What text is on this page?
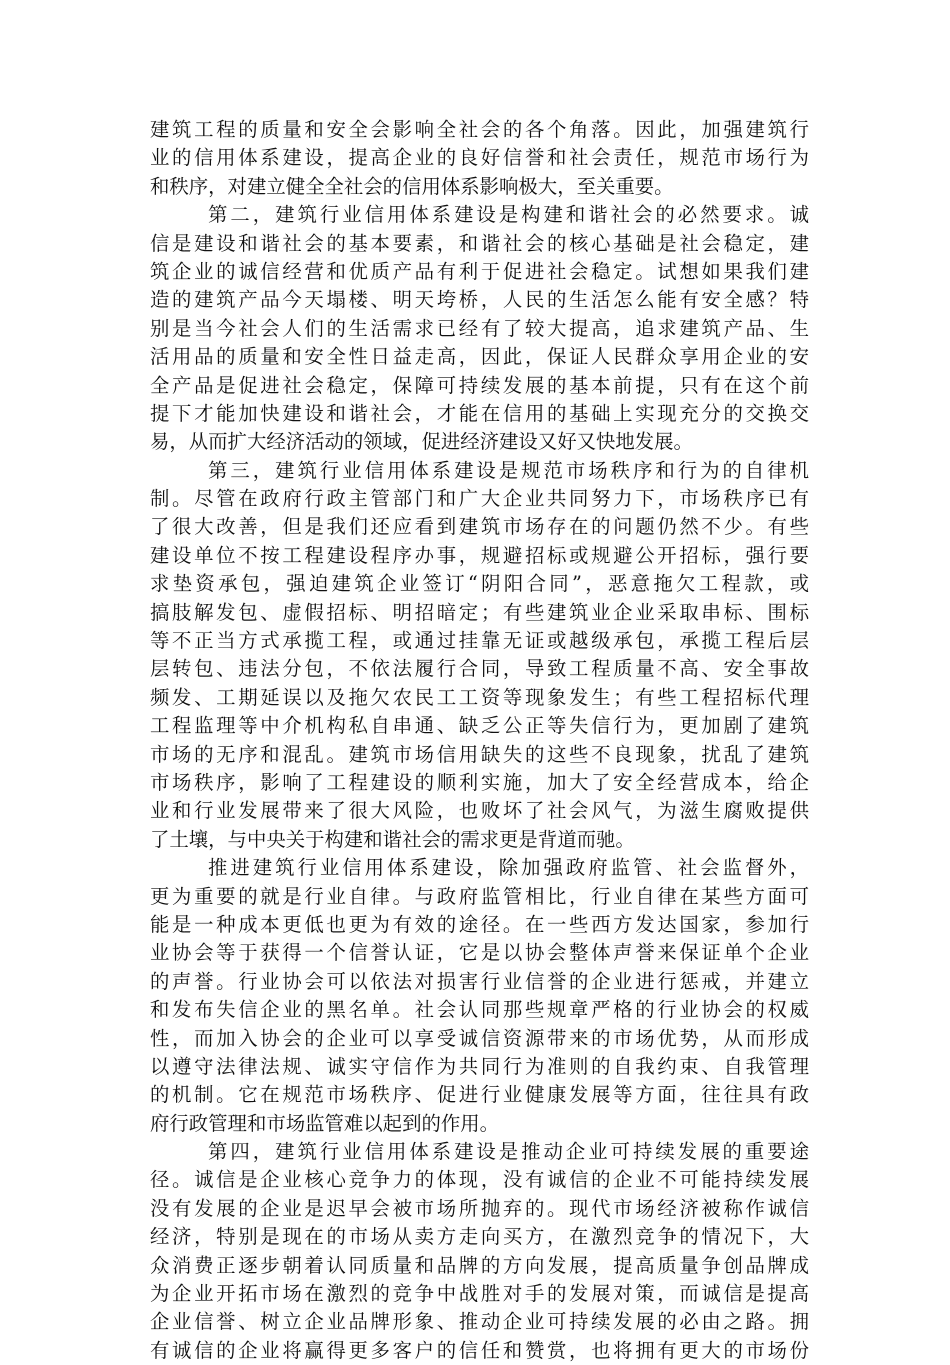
建筑工程的质量和安全会影响全社会的各个角落。因此，加强建筑行
业的信用体系建设，提高企业的良好信誉和社会责任，规范市场行为
和秩序，对建立健全全社会的信用体系影响极大，至关重要。
第二，建筑行业信用体系建设是构建和谐社会的必然要求。诚
信是建设和谐社会的基本要素，和谐社会的核心基础是社会稳定，建
筑企业的诚信经营和优质产品有利于促进社会稳定。试想如果我们建
造的建筑产品今天塌楼、明天垮桥，人民的生活怎么能有安全感？特
别是当今社会人们的生活需求已经有了较大提高，追求建筑产品、生
活用品的质量和安全性日益走高，因此，保证人民群众享用企业的安
全产品是促进社会稳定，保障可持续发展的基本前提，只有在这个前
提下才能加快建设和谐社会，才能在信用的基础上实现充分的交换交
易，从而扩大经济活动的领域，促进经济建设又好又快地发展。
第三，建筑行业信用体系建设是规范市场秩序和行为的自律机
制。尽管在政府行政主管部门和广大企业共同努力下，市场秩序已有
了很大改善，但是我们还应看到建筑市场存在的问题仍然不少。有些
建设单位不按工程建设程序办事，规避招标或规避公开招标，强行要
求垫资承包，强迫建筑企业签订“阴阳合同”，恶意拖欠工程款，或
搞肢解发包、虚假招标、明招暗定；有些建筑业企业采取串标、围标
等不正当方式承揽工程，或通过挂靠无证或越级承包，承揽工程后层
层转包、违法分包，不依法履行合同，导致工程质量不高、安全事故
频发、工期延误以及拖欠农民工工资等现象发生；有些工程招标代理
工程监理等中介机构私自串通、缺乏公正等失信行为，更加剧了建筑
市场的无序和混乱。建筑市场信用缺失的这些不良现象，扰乱了建筑
市场秩序，影响了工程建设的顺利实施，加大了安全经营成本，给企
业和行业发展带来了很大风险，也败坏了社会风气，为滋生腐败提供
了土壤，与中央关于构建和谐社会的需求更是背道而驰。
推进建筑行业信用体系建设，除加强政府监管、社会监督外，
更为重要的就是行业自律。与政府监管相比，行业自律在某些方面可
能是一种成本更低也更为有效的途径。在一些西方发达国家，参加行
业协会等于获得一个信誉认证，它是以协会整体声誉来保证单个企业
的声誉。行业协会可以依法对损害行业信誉的企业进行惩戒，并建立
和发布失信企业的黑名单。社会认同那些规章严格的行业协会的权威
性，而加入协会的企业可以享受诚信资源带来的市场优势，从而形成
以遵守法律法规、诚实守信作为共同行为准则的自我约束、自我管理
的机制。它在规范市场秩序、促进行业健康发展等方面，往往具有政
府行政管理和市场监管难以起到的作用。
第四，建筑行业信用体系建设是推动企业可持续发展的重要途
径。诚信是企业核心竞争力的体现，没有诚信的企业不可能持续发展
没有发展的企业是迟早会被市场所抛弃的。现代市场经济被称作诚信
经济，特别是现在的市场从卖方走向买方，在激烈竞争的情况下，大
众消费正逐步朝着认同质量和品牌的方向发展，提高质量争创品牌成
为企业开拓市场在激烈的竞争中战胜对手的发展对策，而诚信是提高
企业信誉、树立企业品牌形象、推动企业可持续发展的必由之路。拥
有诚信的企业将赢得更多客户的信任和赞赏，也将拥有更大的市场份
